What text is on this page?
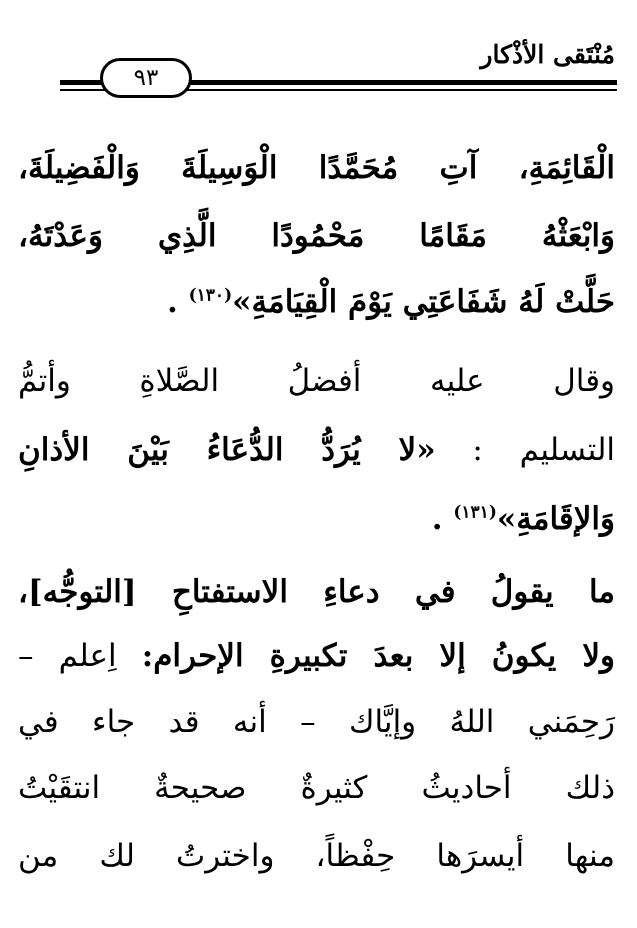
مُنْتَقى الأذْكار
٩٣
الْقَائِمَةِ، آتِ مُحَمَّدًا الْوَسِيلَةَ وَالْفَضِيلَةَ،
وَابْعَثْهُ مَقَامًا مَحْمُودًا الَّذِي وَعَدْتَهُ،
حَلَّتْ لَهُ شَفَاعَتِي يَوْمَ الْقِيَامَةِ»$^{(١٣٠)}$ .
وقال عليه أفضلُ الصَّلاةِ وأتمُّ
التسليم : «لا يُرَدُّ الدُّعَاءُ بَيْنَ الأذانِ
وَالإقَامَةِ»$^{(١٣١)}$ .
ما يقولُ في دعاءِ الاستفتاحِ [التوجُّه]،
ولا يكونُ إلا بعدَ تكبيرةِ الإحرام: اِعلم –
رَحِمَني اللهُ وإيَّاك – أنه قد جاء في
ذلك أحاديثُ كثيرةٌ صحيحةٌ انتقَيْتُ
منها أيسرَها حِفْظاً، واخترتُ لك من
